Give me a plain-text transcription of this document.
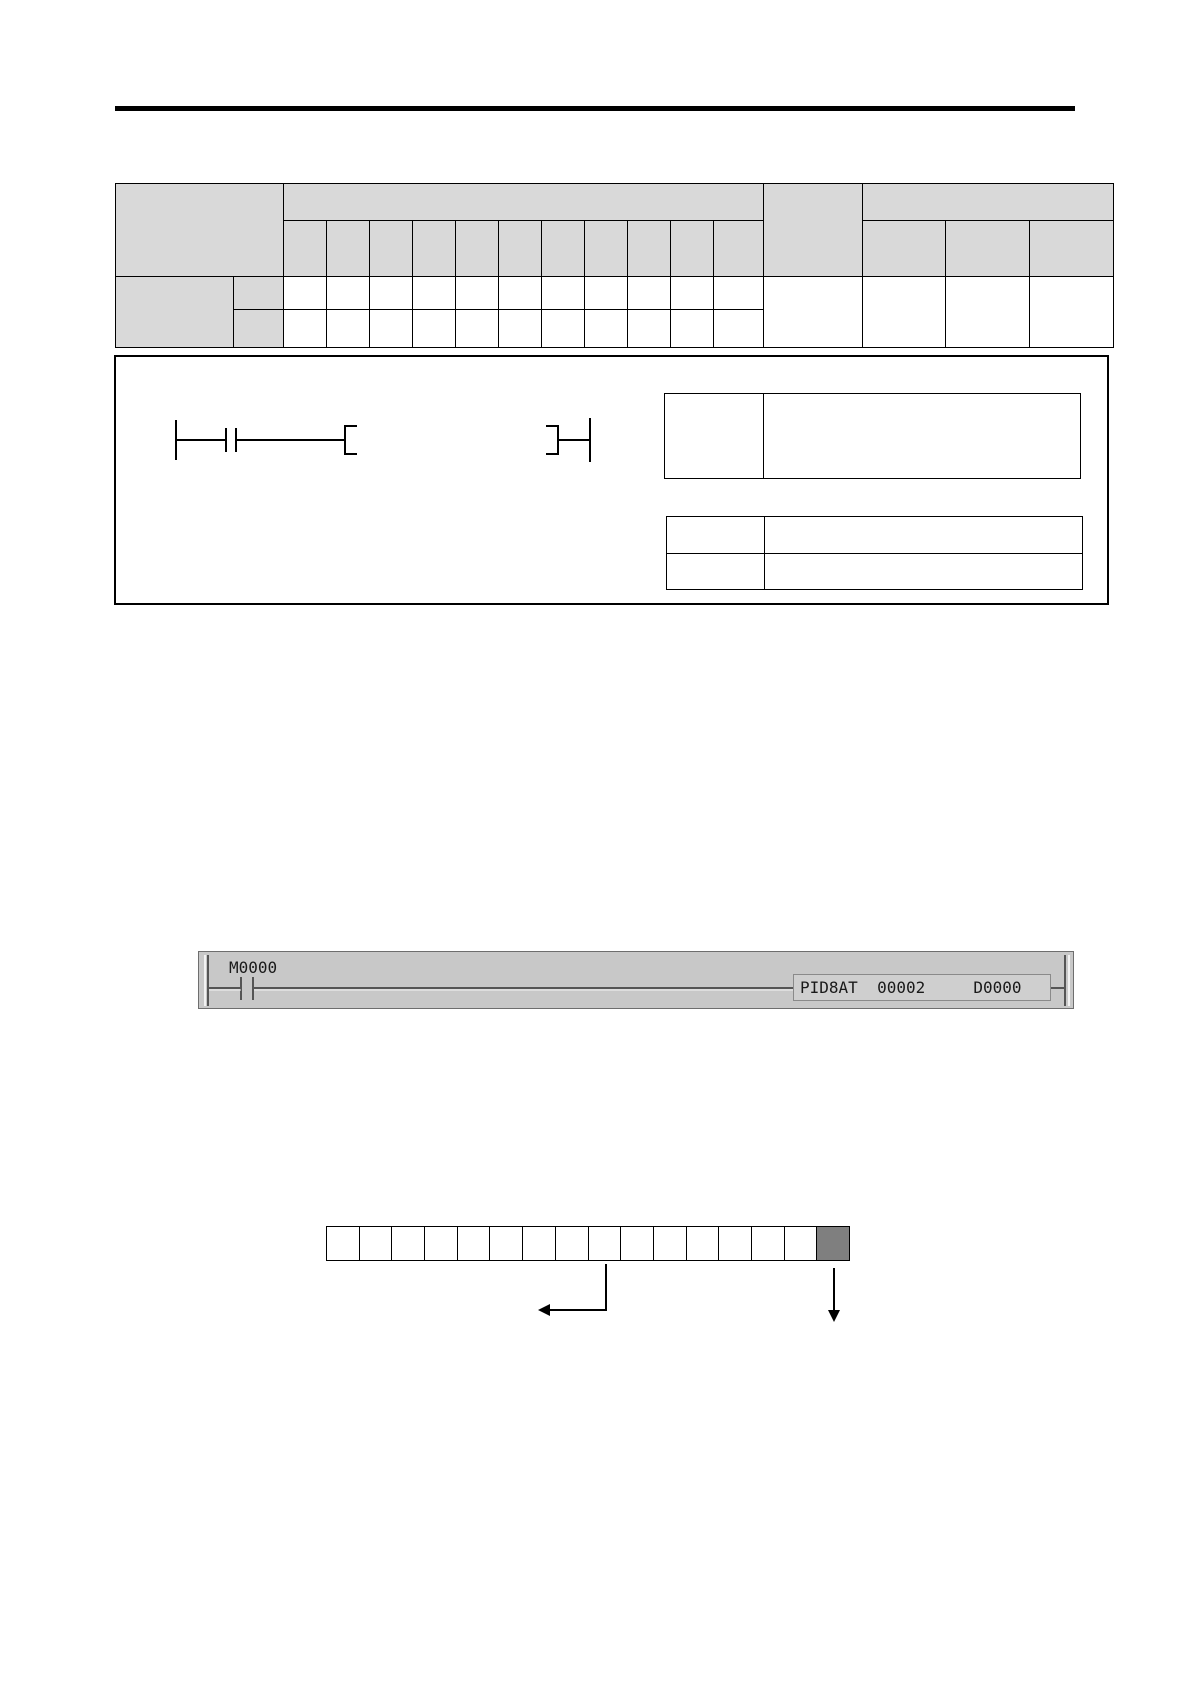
M0000
PID8AT  00002     D0000
